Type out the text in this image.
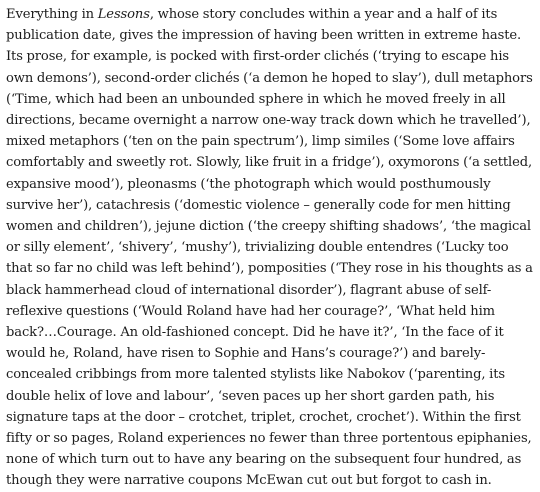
Everything in Lessons, whose story concludes within a year and a half of its publication date, gives the impression of having been written in extreme haste. Its prose, for example, is pocked with first-order clichés (‘trying to escape his own demons’), second-order clichés (‘a demon he hoped to slay’), dull metaphors (‘Time, which had been an unbounded sphere in which he moved freely in all directions, became overnight a narrow one-way track down which he travelled’), mixed metaphors (‘ten on the pain spectrum’), limp similes (‘Some love affairs comfortably and sweetly rot. Slowly, like fruit in a fridge’), oxymorons (‘a settled, expansive mood’), pleonasms (‘the photograph which would posthumously survive her’), catachresis (‘domestic violence – generally code for men hitting women and children’), jejune diction (‘the creepy shifting shadows’, ‘the magical or silly element’, ‘shivery’, ‘mushy’), trivializing double entendres (‘Lucky too that so far no child was left behind’), pomposities (‘They rose in his thoughts as a black hammerhead cloud of international disorder’), flagrant abuse of self-reflexive questions (‘Would Roland have had her courage?’, ‘What held him back?…Courage. An old-fashioned concept. Did he have it?’, ‘In the face of it would he, Roland, have risen to Sophie and Hans’s courage?’) and barely-concealed cribbings from more talented stylists like Nabokov (‘parenting, its double helix of love and labour’, ‘seven paces up her short garden path, his signature taps at the door – crotchet, triplet, crochet, crochet’). Within the first fifty or so pages, Roland experiences no fewer than three portentous epiphanies, none of which turn out to have any bearing on the subsequent four hundred, as though they were narrative coupons McEwan cut out but forgot to cash in.
